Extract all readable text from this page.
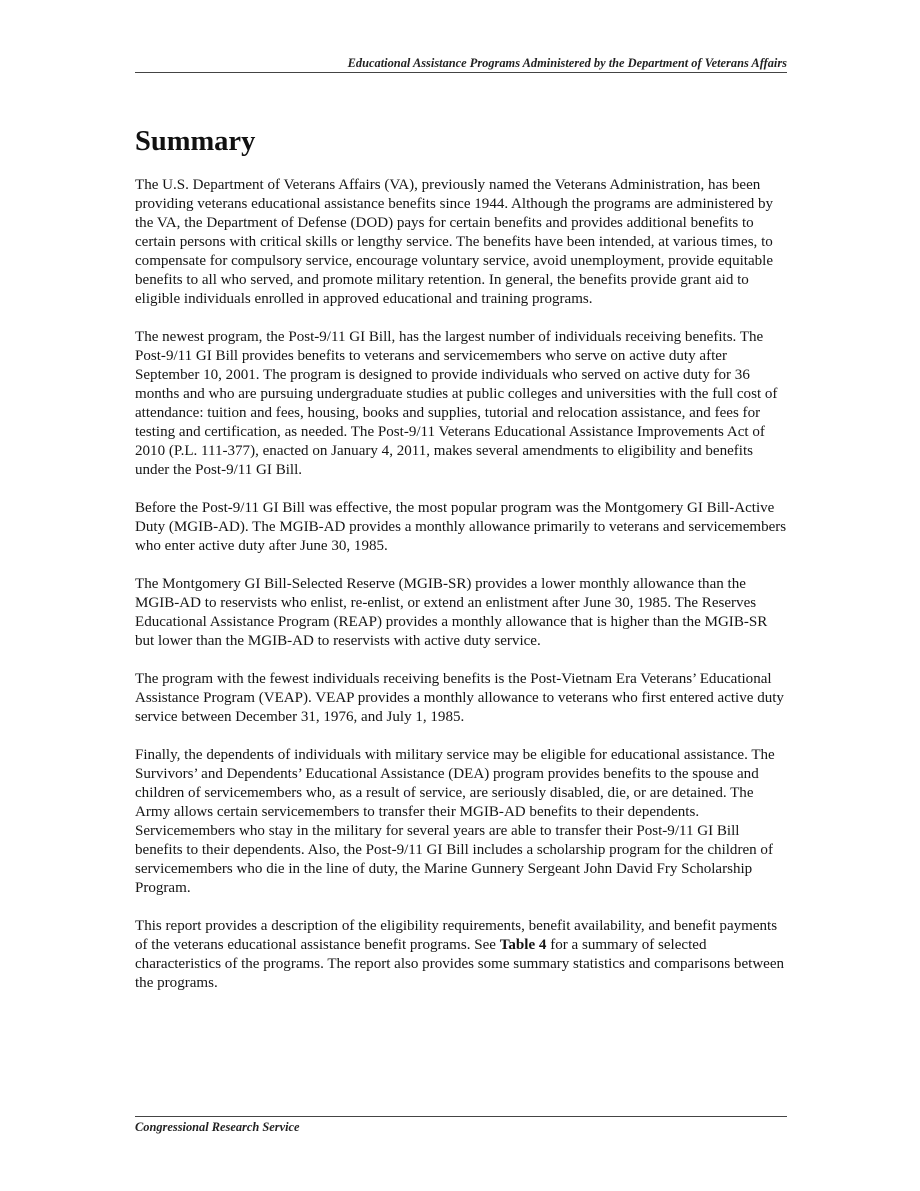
Educational Assistance Programs Administered by the Department of Veterans Affairs
Summary

The U.S. Department of Veterans Affairs (VA), previously named the Veterans Administration, has been providing veterans educational assistance benefits since 1944. Although the programs are administered by the VA, the Department of Defense (DOD) pays for certain benefits and provides additional benefits to certain persons with critical skills or lengthy service. The benefits have been intended, at various times, to compensate for compulsory service, encourage voluntary service, avoid unemployment, provide equitable benefits to all who served, and promote military retention. In general, the benefits provide grant aid to eligible individuals enrolled in approved educational and training programs.

The newest program, the Post-9/11 GI Bill, has the largest number of individuals receiving benefits. The Post-9/11 GI Bill provides benefits to veterans and servicemembers who serve on active duty after September 10, 2001. The program is designed to provide individuals who served on active duty for 36 months and who are pursuing undergraduate studies at public colleges and universities with the full cost of attendance: tuition and fees, housing, books and supplies, tutorial and relocation assistance, and fees for testing and certification, as needed. The Post-9/11 Veterans Educational Assistance Improvements Act of 2010 (P.L. 111-377), enacted on January 4, 2011, makes several amendments to eligibility and benefits under the Post-9/11 GI Bill.

Before the Post-9/11 GI Bill was effective, the most popular program was the Montgomery GI Bill-Active Duty (MGIB-AD). The MGIB-AD provides a monthly allowance primarily to veterans and servicemembers who enter active duty after June 30, 1985.

The Montgomery GI Bill-Selected Reserve (MGIB-SR) provides a lower monthly allowance than the MGIB-AD to reservists who enlist, re-enlist, or extend an enlistment after June 30, 1985. The Reserves Educational Assistance Program (REAP) provides a monthly allowance that is higher than the MGIB-SR but lower than the MGIB-AD to reservists with active duty service.

The program with the fewest individuals receiving benefits is the Post-Vietnam Era Veterans’ Educational Assistance Program (VEAP). VEAP provides a monthly allowance to veterans who first entered active duty service between December 31, 1976, and July 1, 1985.

Finally, the dependents of individuals with military service may be eligible for educational assistance. The Survivors’ and Dependents’ Educational Assistance (DEA) program provides benefits to the spouse and children of servicemembers who, as a result of service, are seriously disabled, die, or are detained. The Army allows certain servicemembers to transfer their MGIB-AD benefits to their dependents. Servicemembers who stay in the military for several years are able to transfer their Post-9/11 GI Bill benefits to their dependents. Also, the Post-9/11 GI Bill includes a scholarship program for the children of servicemembers who die in the line of duty, the Marine Gunnery Sergeant John David Fry Scholarship Program.

This report provides a description of the eligibility requirements, benefit availability, and benefit payments of the veterans educational assistance benefit programs. See Table 4 for a summary of selected characteristics of the programs. The report also provides some summary statistics and comparisons between the programs.

Congressional Research Service
